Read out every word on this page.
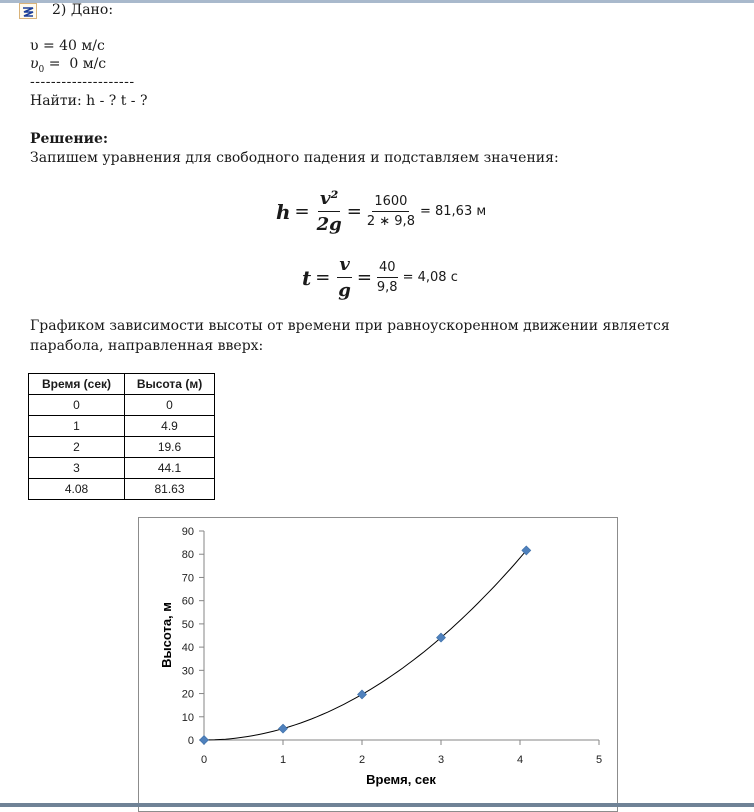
2) Дано:
υ = 40 м/с
$\upsilon_0 = 0$ м/с
--------------------
Найти: h - ? t - ?
Решение:
Запишем уравнения для свободного падения и подставляем значения:
$h = \frac{\text{v²}}{2g} = \frac{1600}{2 ∗ 9,8} = 81,63$ м
$t = \frac{v}{g} = \frac{40}{9,8} = 4,08$ с
Графиком зависимости высоты от времени при равноускоренном движении является
парабола, направленная вверх:
Время (сек)	Высота (м)
0	0
1	4.9
2	19.6
3	44.1
4.08	81.63
0
10
20
30
40
50
60
70
80
90
0	1	2	3	4	5
Время, сек
Высота, м
